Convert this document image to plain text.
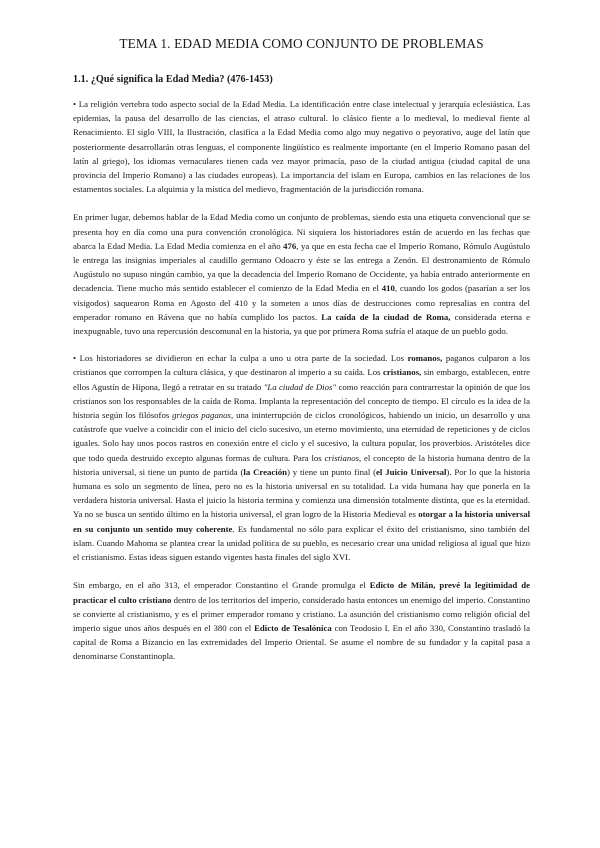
TEMA 1. EDAD MEDIA COMO CONJUNTO DE PROBLEMAS
1.1. ¿Qué significa la Edad Media? (476-1453)

• La religión vertebra todo aspecto social de la Edad Media. La identificación entre clase intelectual y jerarquía eclesiástica. Las epidemias, la pausa del desarrollo de las ciencias, el atraso cultural. lo clásico fiente a lo medieval, lo medieval fiente al Renacimiento. El siglo VIII, la Ilustración, clasifica a la Edad Media como algo muy negativo o peyorativo, auge del latín que posteriormente desarrollarán otras lenguas, el componente lingüístico es realmente importante (en el Imperio Romano pasan del latín al griego), los idiomas vernaculares tienen cada vez mayor primacía, paso de la ciudad antigua (ciudad capital de una provincia del Imperio Romano) a las ciudades europeas). La importancia del islam en Europa, cambios en las relaciones de los estamentos sociales. La alquimia y la mística del medievo, fragmentación de la jurisdicción romana.

En primer lugar, debemos hablar de la Edad Media como un conjunto de problemas, siendo esta una etiqueta convencional que se presenta hoy en día como una pura convención cronológica. Ni siquiera los historiadores están de acuerdo en las fechas que abarca la Edad Media. La Edad Media comienza en el año 476, ya que en esta fecha cae el Imperio Romano, Rómulo Augústulo le entrega las insignias imperiales al caudillo germano Odoacro y éste se las entrega a Zenón. El destronamiento de Rómulo Augústulo no supuso ningún cambio, ya que la decadencia del Imperio Romano de Occidente, ya había entrado anteriormente en decadencia. Tiene mucho más sentido establecer el comienzo de la Edad Media en el 410, cuando los godos (pasarían a ser los visigodos) saquearon Roma en Agosto del 410 y la someten a unos días de destrucciones como represalias en contra del emperador romano en Rávena que no había cumplido los pactos. La caída de la ciudad de Roma, considerada eterna e inexpugnable, tuvo una repercusión descomunal en la historia, ya que por primera Roma sufría el ataque de un pueblo godo.

• Los historiadores se dividieron en echar la culpa a uno u otra parte de la sociedad. Los romanos, paganos culparon a los cristianos que corrompen la cultura clásica, y que destinaron al imperio a su caída. Los cristianos, sin embargo, establecen, entre ellos Agustín de Hipona, llegó a retratar en su tratado "La ciudad de Dios" como reacción para contrarrestar la opinión de que los cristianos son los responsables de la caída de Roma. Implanta la representación del concepto de tiempo. El círculo es la idea de la historia según los filósofos griegos paganos, una ininterrupción de ciclos cronológicos, habiendo un inicio, un desarrollo y una catástrofe que vuelve a coincidir con el inicio del ciclo sucesivo, un eterno movimiento, una eternidad de repeticiones y de ciclos iguales. Solo hay unos pocos rastros en conexión entre el ciclo y el sucesivo, la cultura popular, los proverbios. Aristóteles dice que todo queda destruido excepto algunas formas de cultura. Para los cristianos, el concepto de la historia humana dentro de la historia universal, si tiene un punto de partida (la Creación) y tiene un punto final (el Juicio Universal). Por lo que la historia humana es solo un segmento de línea, pero no es la historia universal en su totalidad. La vida humana hay que ponerla en la verdadera historia universal. Hasta el juicio la historia termina y comienza una dimensión totalmente distinta, que es la eternidad. Ya no se busca un sentido último en la historia universal, el gran logro de la Historia Medieval es otorgar a la historia universal en su conjunto un sentido muy coherente. Es fundamental no sólo para explicar el éxito del cristianismo, sino también del islam. Cuando Mahoma se plantea crear la unidad política de su pueblo, es necesario crear una unidad religiosa al igual que hizo el cristianismo. Estas ideas siguen estando vigentes hasta finales del siglo XVI.

Sin embargo, en el año 313, el emperador Constantino el Grande promulga el Edicto de Milán, prevé la legitimidad de practicar el culto cristiano dentro de los territorios del imperio, considerado hasta entonces un enemigo del imperio. Constantino se convierte al cristianismo, y es el primer emperador romano y cristiano. La asunción del cristianismo como religión oficial del imperio sigue unos años después en el 380 con el Edicto de Tesalónica con Teodosio I. En el año 330, Constantino trasladó la capital de Roma a Bizancio en las extremidades del Imperio Oriental. Se asume el nombre de su fundador y la capital pasa a denominarse Constantinopla.
